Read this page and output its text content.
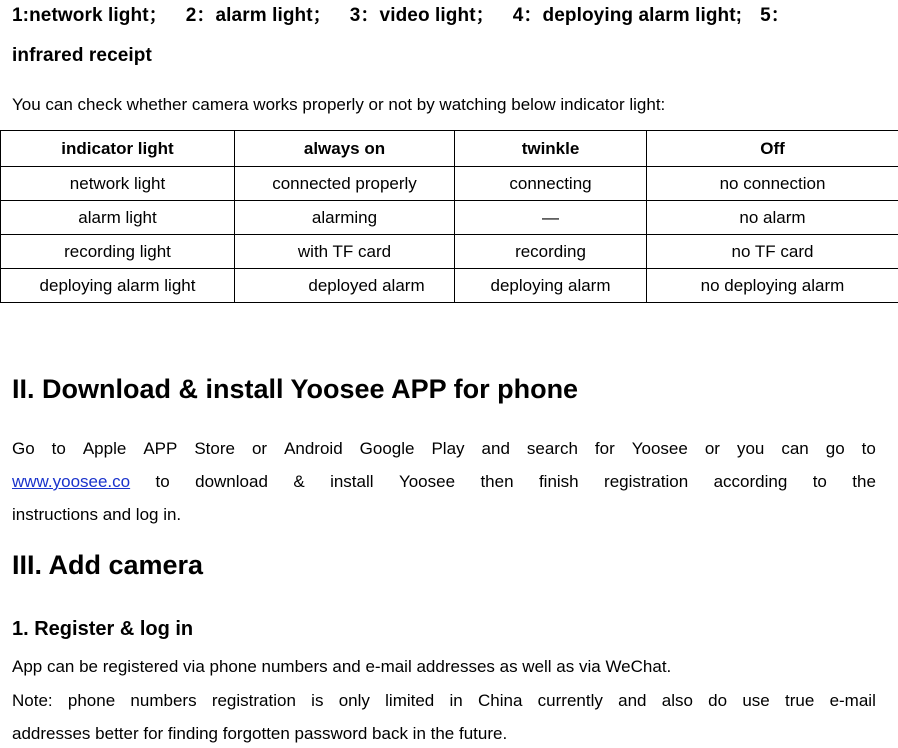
1:network light； 2：alarm light； 3：video light； 4：deploying alarm light; 5：
infrared receipt
You can check whether camera works properly or not by watching below indicator light:
indicator light	always on	twinkle	Off
network light	connected properly	connecting	no connection
alarm light	alarming	—	no alarm
recording light	with TF card	recording	no TF card
deploying alarm light	deployed alarm	deploying alarm	no deploying alarm
II. Download & install Yoosee APP for phone
Go to Apple APP Store or Android Google Play and search for Yoosee or you can go to
www.yoosee.co to download & install Yoosee then finish registration according to the
instructions and log in.
III. Add camera
1. Register & log in
App can be registered via phone numbers and e-mail addresses as well as via WeChat.
Note: phone numbers registration is only limited in China currently and also do use true e-mail
addresses better for finding forgotten password back in the future.
